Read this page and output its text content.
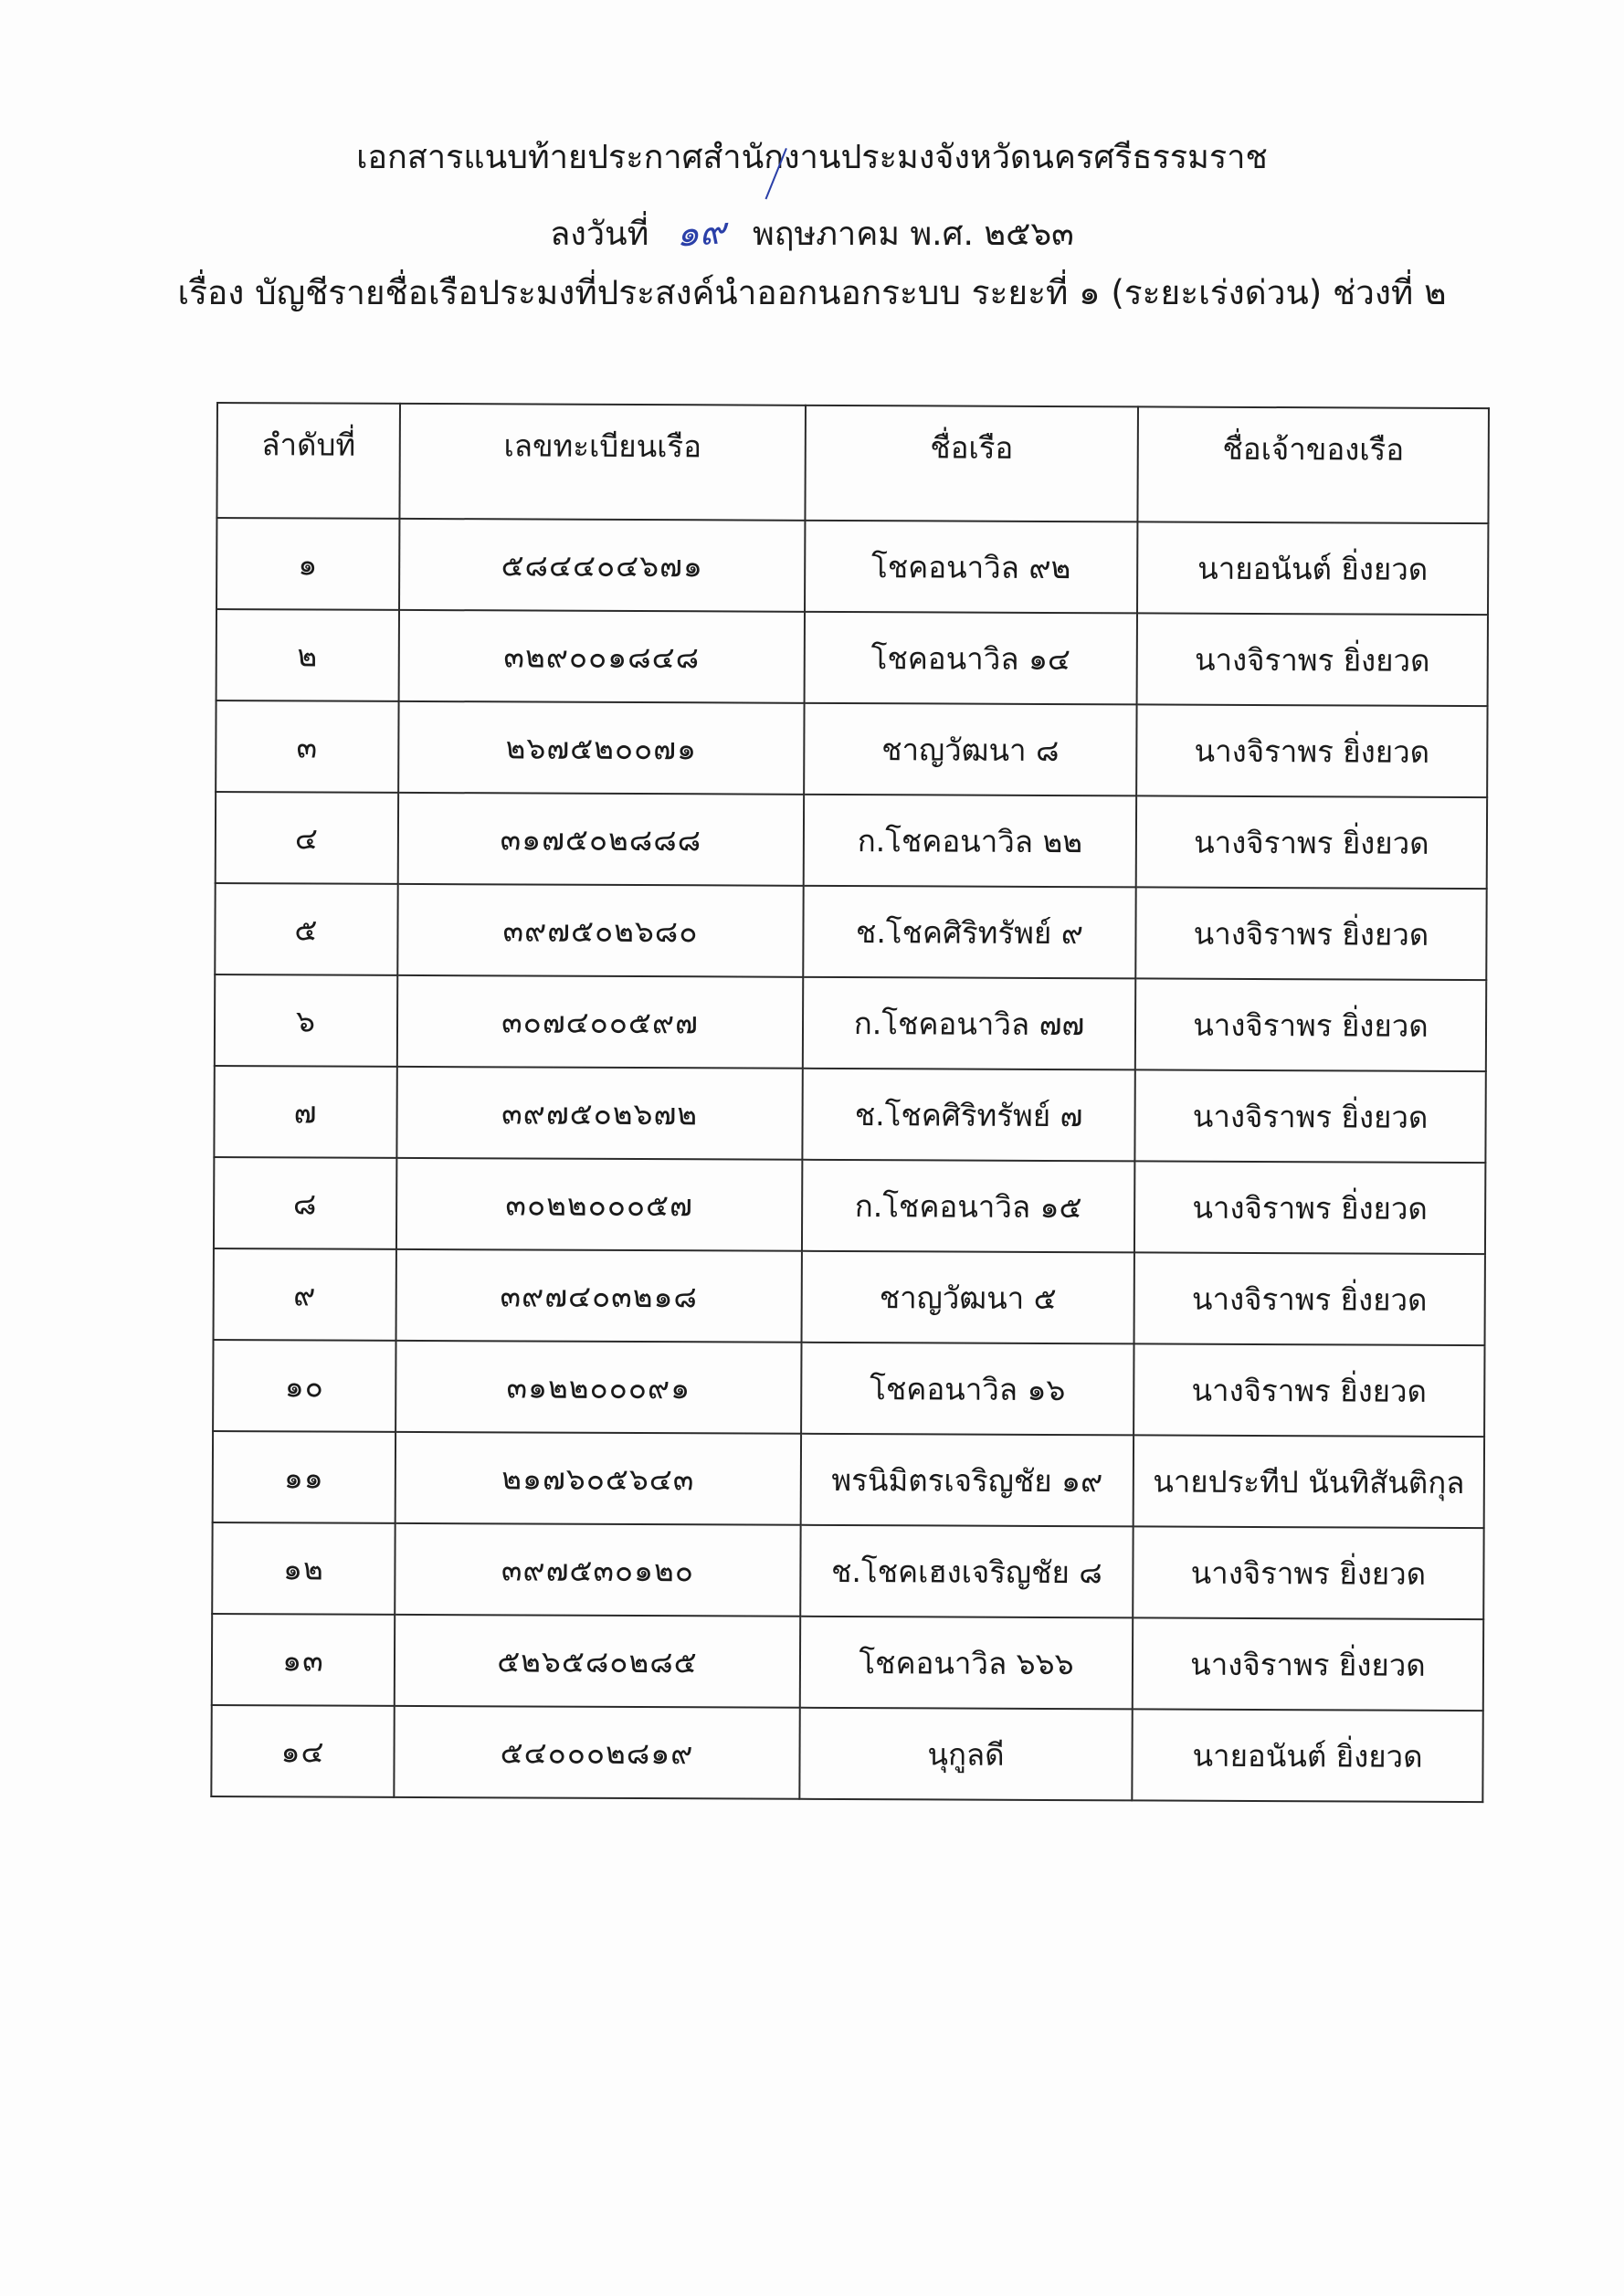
เอกสารแนบท้ายประกาศสำนักงานประมงจังหวัดนครศรีธรรมราช
ลงวันที่ ๑๙ พฤษภาคม พ.ศ. ๒๕๖๓
เรื่อง บัญชีรายชื่อเรือประมงที่ประสงค์นำออกนอกระบบ ระยะที่ ๑ (ระยะเร่งด่วน) ช่วงที่ ๒
ลำดับที่	เลขทะเบียนเรือ	ชื่อเรือ	ชื่อเจ้าของเรือ
๑	๕๘๔๔๐๔๖๗๑	โชคอนาวิล ๙๒	นายอนันต์ ยิ่งยวด
๒	๓๒๙๐๐๑๘๔๘	โชคอนาวิล ๑๔	นางจิราพร ยิ่งยวด
๓	๒๖๗๕๒๐๐๗๑	ชาญวัฒนา ๘	นางจิราพร ยิ่งยวด
๔	๓๑๗๕๐๒๘๘๘	ก.โชคอนาวิล ๒๒	นางจิราพร ยิ่งยวด
๕	๓๙๗๕๐๒๖๘๐	ช.โชคศิริทรัพย์ ๙	นางจิราพร ยิ่งยวด
๖	๓๐๗๔๐๐๕๙๗	ก.โชคอนาวิล ๗๗	นางจิราพร ยิ่งยวด
๗	๓๙๗๕๐๒๖๗๒	ช.โชคศิริทรัพย์ ๗	นางจิราพร ยิ่งยวด
๘	๓๐๒๒๐๐๐๕๗	ก.โชคอนาวิล ๑๕	นางจิราพร ยิ่งยวด
๙	๓๙๗๔๐๓๒๑๘	ชาญวัฒนา ๕	นางจิราพร ยิ่งยวด
๑๐	๓๑๒๒๐๐๐๙๑	โชคอนาวิล ๑๖	นางจิราพร ยิ่งยวด
๑๑	๒๑๗๖๐๕๖๔๓	พรนิมิตรเจริญชัย ๑๙	นายประทีป นันทิสันติกุล
๑๒	๓๙๗๕๓๐๑๒๐	ช.โชคเฮงเจริญชัย ๘	นางจิราพร ยิ่งยวด
๑๓	๕๒๖๕๘๐๒๘๕	โชคอนาวิล ๖๖๖	นางจิราพร ยิ่งยวด
๑๔	๕๔๐๐๐๒๘๑๙	นุกูลดี	นายอนันต์ ยิ่งยวด
